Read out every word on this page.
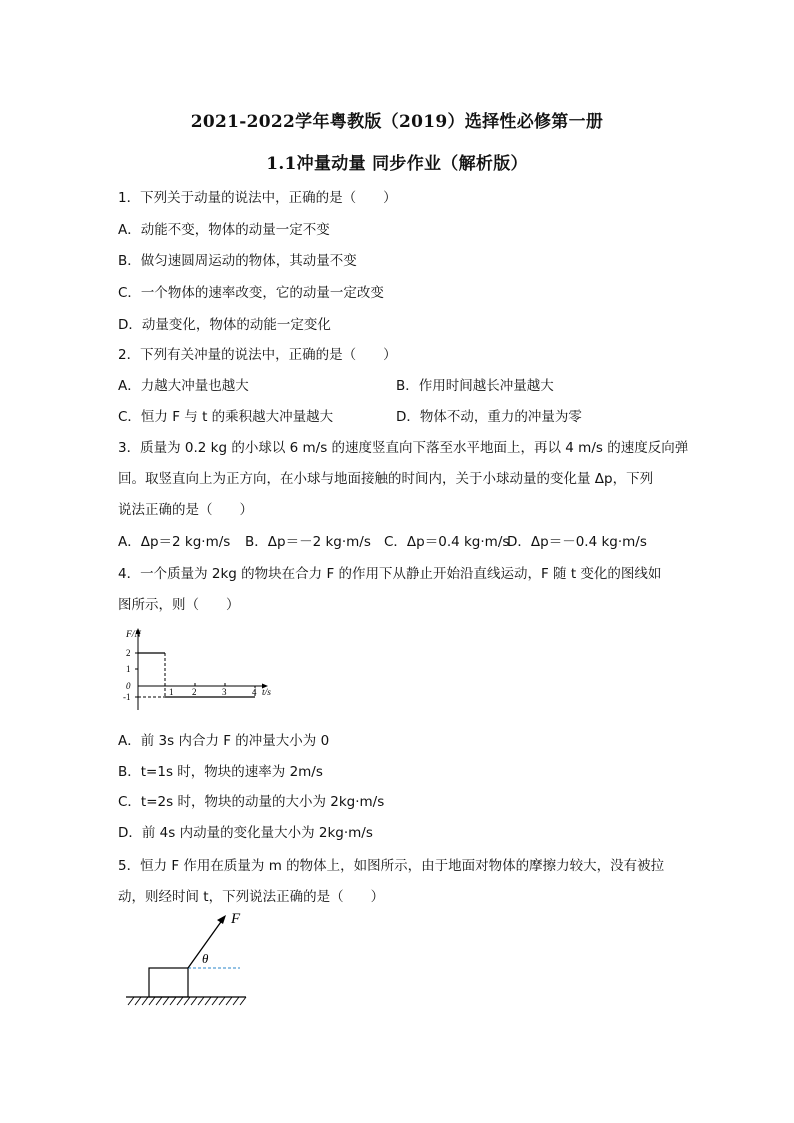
2021-2022学年粤教版（2019）选择性必修第一册
1.1冲量动量 同步作业（解析版）
1．下列关于动量的说法中，正确的是（　　）
A．动能不变，物体的动量一定不变
B．做匀速圆周运动的物体，其动量不变
C．一个物体的速率改变，它的动量一定改变
D．动量变化，物体的动能一定变化
2．下列有关冲量的说法中，正确的是（　　）
A．力越大冲量也越大	B．作用时间越长冲量越大
C．恒力 F 与 t 的乘积越大冲量越大	D．物体不动，重力的冲量为零
3．质量为 0.2 kg 的小球以 6 m/s 的速度竖直向下落至水平地面上，再以 4 m/s 的速度反向弹
回。取竖直向上为正方向，在小球与地面接触的时间内，关于小球动量的变化量 Δp，下列
说法正确的是（　　）
A．Δp＝2 kg·m/s B．Δp＝－2 kg·m/s C．Δp＝0.4 kg·m/s
D．Δp＝－0.4 kg·m/s
4．一个质量为 2kg 的物块在合力 F 的作用下从静止开始沿直线运动，F 随 t 变化的图线如
图所示，则（　　）
F/N
2
1
0
-1	1 2	3	4 t/s
A．前 3s 内合力 F 的冲量大小为 0
B．t=1s 时，物块的速率为 2m/s
C．t=2s 时，物块的动量的大小为 2kg·m/s
D．前 4s 内动量的变化量大小为 2kg·m/s
5．恒力 F 作用在质量为 m 的物体上，如图所示，由于地面对物体的摩擦力较大，没有被拉
动，则经时间 t，下列说法正确的是（　　）
F
θ
